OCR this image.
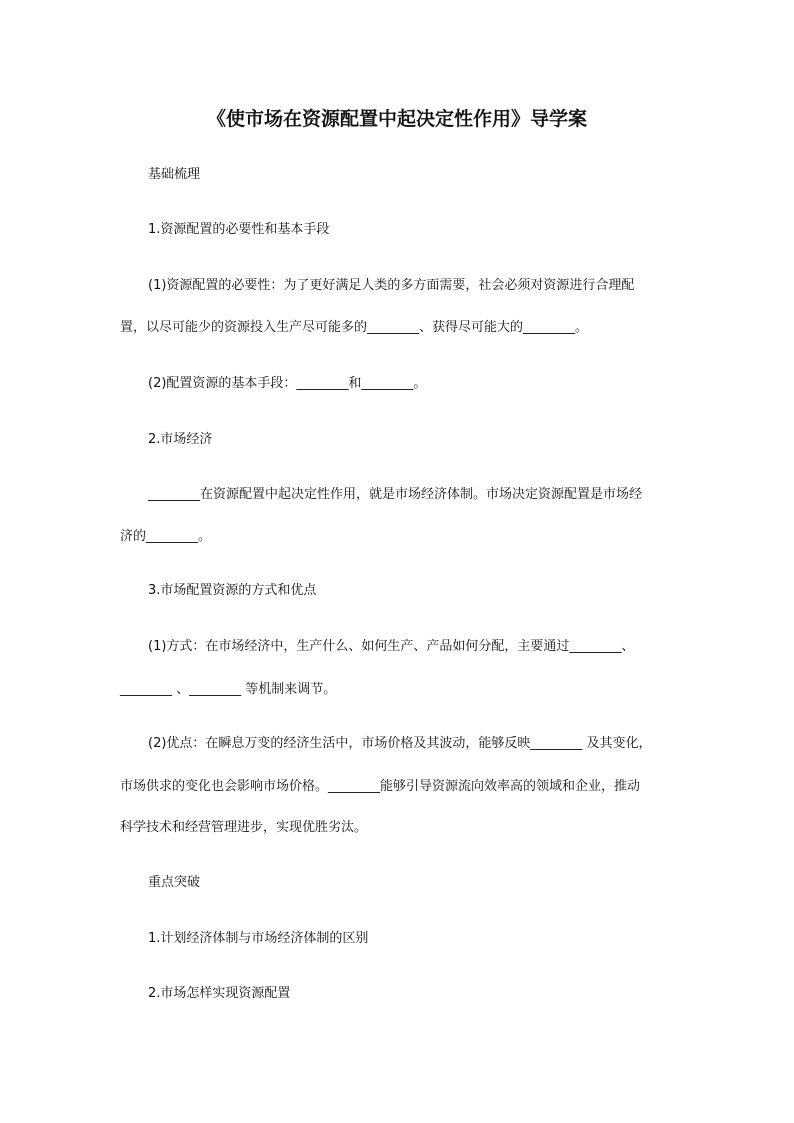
《使市场在资源配置中起决定性作用》导学案
基础梳理
1.资源配置的必要性和基本手段
(1)资源配置的必要性：为了更好满足人类的多方面需要，社会必须对资源进行合理配
置，以尽可能少的资源投入生产尽可能多的________、获得尽可能大的________。
(2)配置资源的基本手段：________和________。
2.市场经济
________在资源配置中起决定性作用，就是市场经济体制。市场决定资源配置是市场经
济的________。
3.市场配置资源的方式和优点
(1)方式：在市场经济中，生产什么、如何生产、产品如何分配，主要通过________、
________ 、________ 等机制来调节。
(2)优点：在瞬息万变的经济生活中，市场价格及其波动，能够反映________ 及其变化，
市场供求的变化也会影响市场价格。________能够引导资源流向效率高的领域和企业，推动
科学技术和经营管理进步，实现优胜劣汰。
重点突破
1.计划经济体制与市场经济体制的区别
2.市场怎样实现资源配置
